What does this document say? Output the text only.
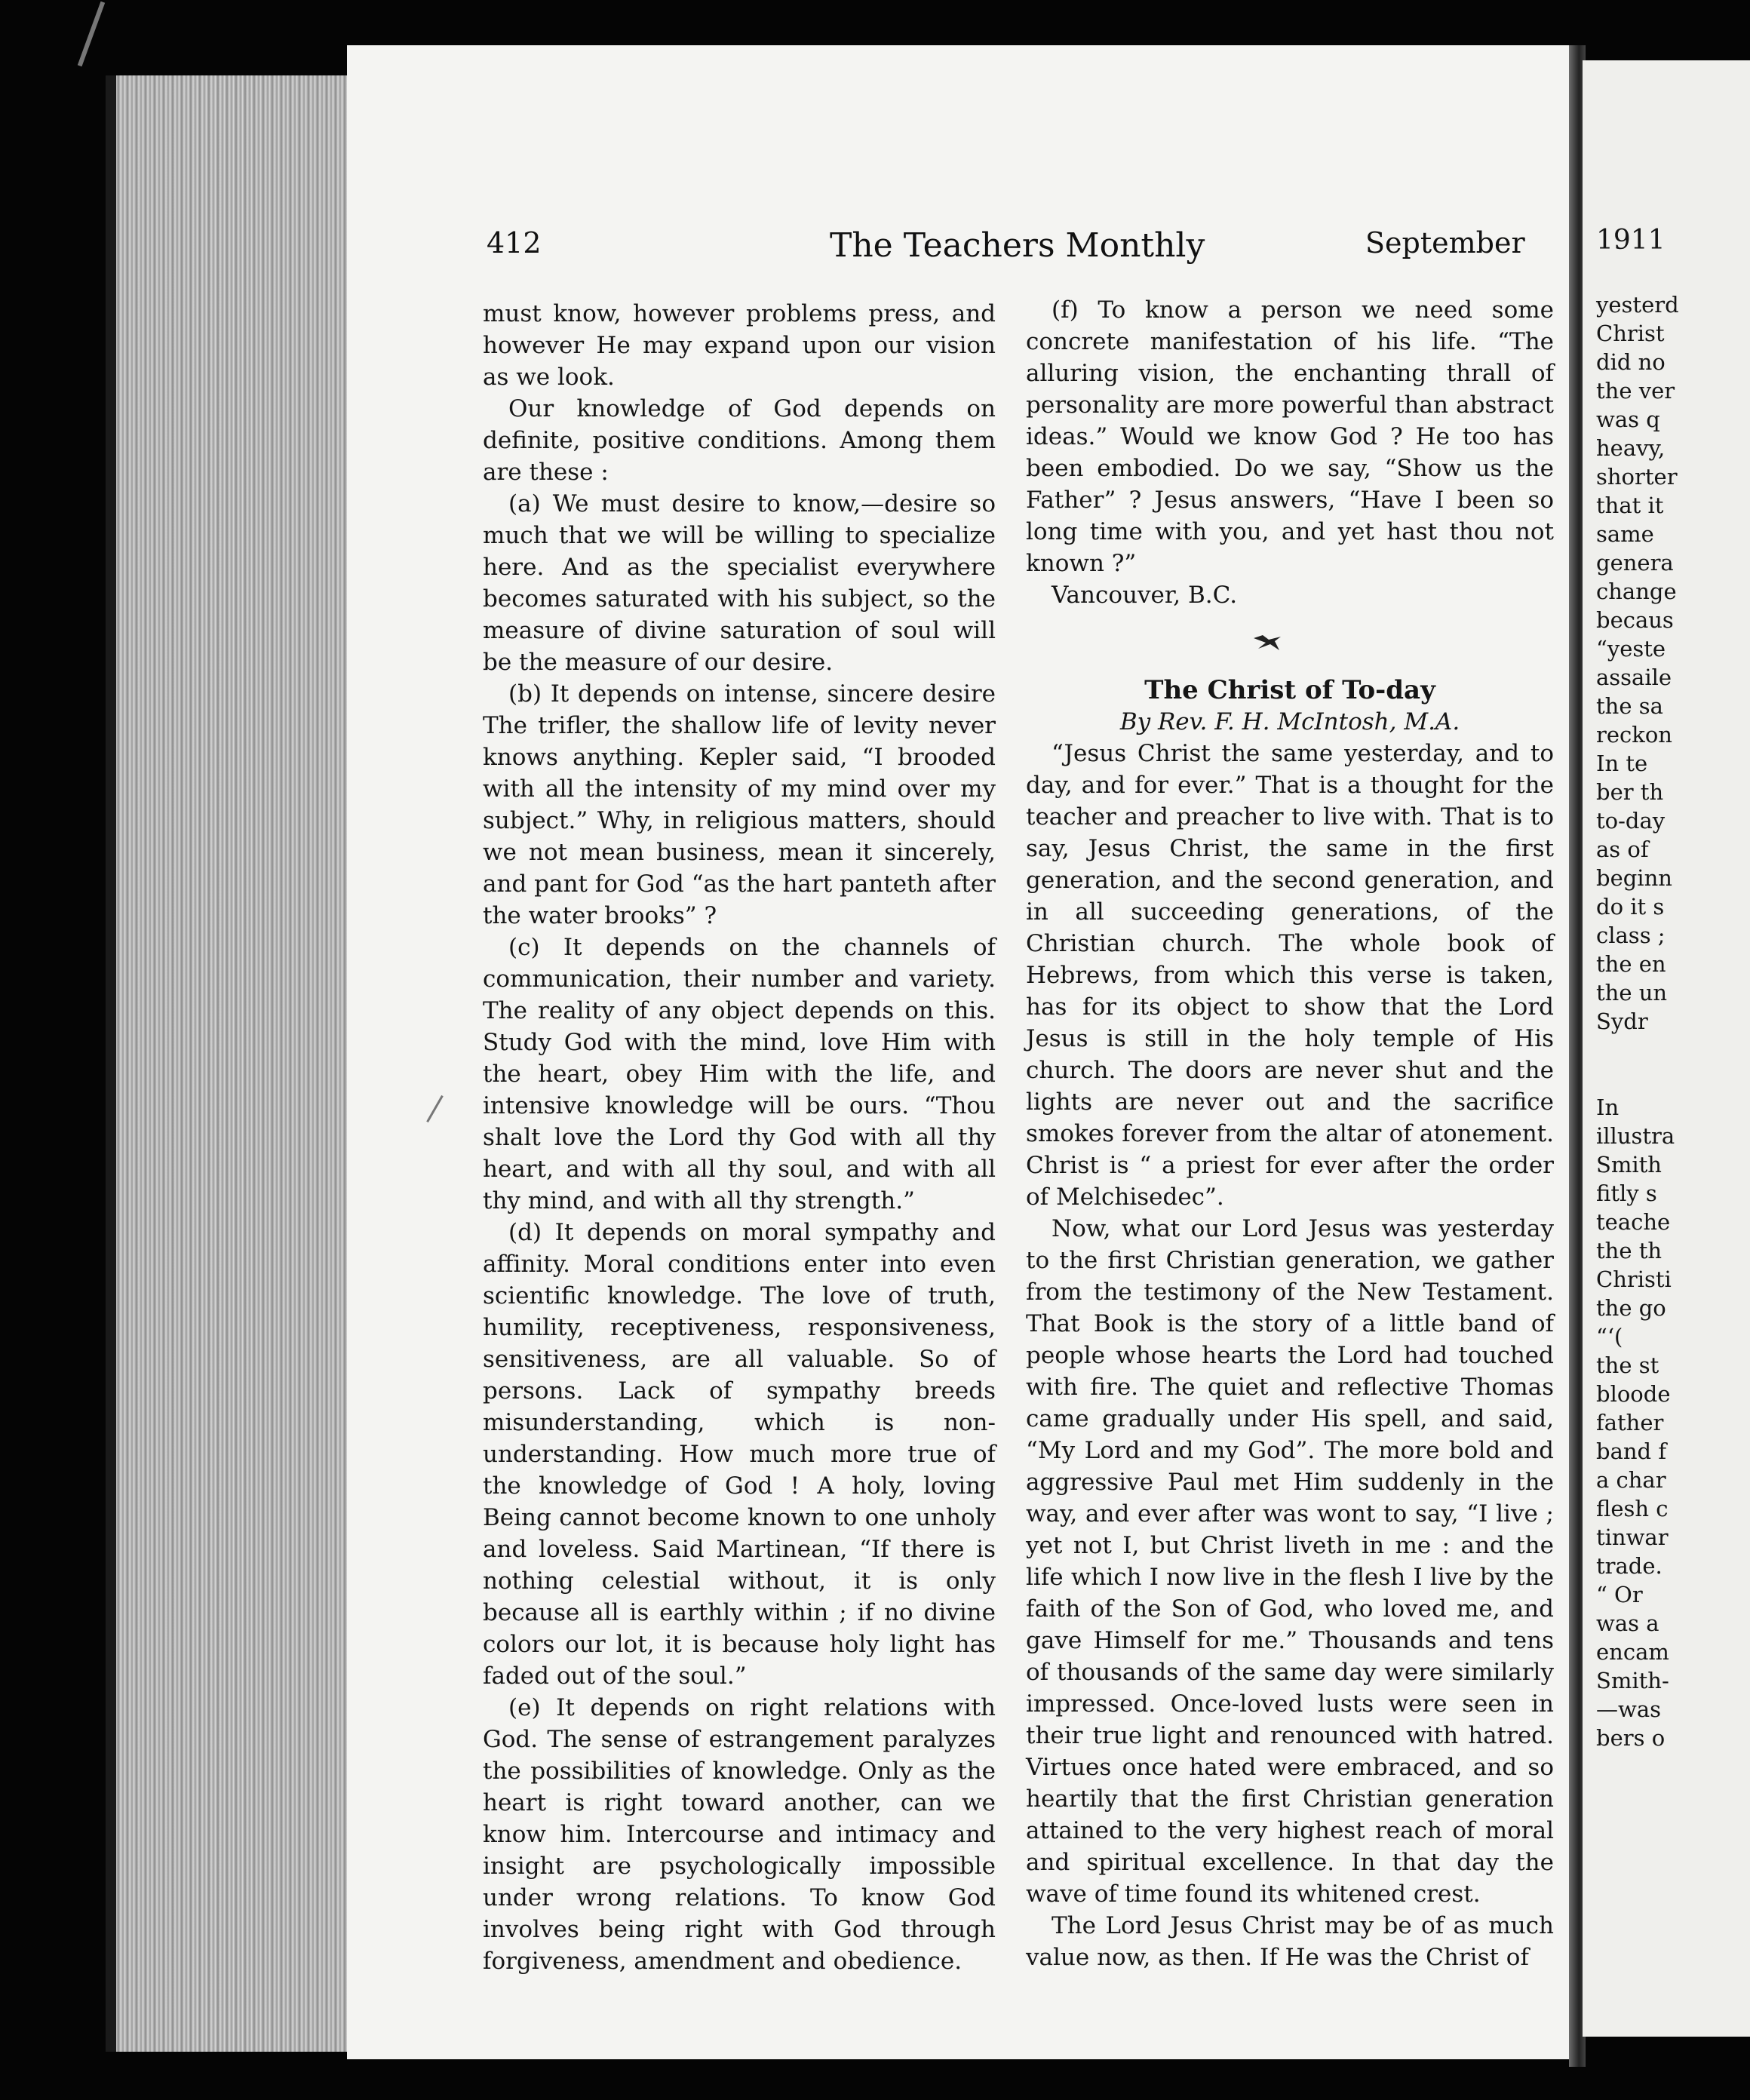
412	The Teachers Monthly	September

must know, however problems press, and however He may expand upon our vision as we look.

Our knowledge of God depends on definite, positive conditions. Among them are these :

(a) We must desire to know,—desire so much that we will be willing to specialize here. And as the specialist everywhere becomes saturated with his subject, so the measure of divine saturation of soul will be the measure of our desire.

(b) It depends on intense, sincere desire The trifler, the shallow life of levity never knows anything. Kepler said, “I brooded with all the intensity of my mind over my subject.” Why, in religious matters, should we not mean business, mean it sincerely, and pant for God “as the hart panteth after the water brooks” ?

(c) It depends on the channels of communication, their number and variety. The reality of any object depends on this. Study God with the mind, love Him with the heart, obey Him with the life, and intensive knowledge will be ours. “Thou shalt love the Lord thy God with all thy heart, and with all thy soul, and with all thy mind, and with all thy strength.”

(d) It depends on moral sympathy and affinity. Moral conditions enter into even scientific knowledge. The love of truth, humility, receptiveness, responsiveness, sensitiveness, are all valuable. So of persons. Lack of sympathy breeds misunderstanding, which is non-understanding. How much more true of the knowledge of God ! A holy, loving Being cannot become known to one unholy and loveless. Said Martinean, “If there is nothing celestial without, it is only because all is earthly within ; if no divine colors our lot, it is because holy light has faded out of the soul.”

(e) It depends on right relations with God. The sense of estrangement paralyzes the possibilities of knowledge. Only as the heart is right toward another, can we know him. Intercourse and intimacy and insight are psychologically impossible under wrong relations. To know God involves being right with God through forgiveness, amendment and obedience.

(f) To know a person we need some concrete manifestation of his life. “The alluring vision, the enchanting thrall of personality are more powerful than abstract ideas.” Would we know God ? He too has been embodied. Do we say, “Show us the Father” ? Jesus answers, “Have I been so long time with you, and yet hast thou not known ?”

Vancouver, B.C.

The Christ of To-day

By Rev. F. H. McIntosh, M.A.

“Jesus Christ the same yesterday, and to day, and for ever.” That is a thought for the teacher and preacher to live with. That is to say, Jesus Christ, the same in the first generation, and the second generation, and in all succeeding generations, of the Christian church. The whole book of Hebrews, from which this verse is taken, has for its object to show that the Lord Jesus is still in the holy temple of His church. The doors are never shut and the lights are never out and the sacrifice smokes forever from the altar of atonement. Christ is “ a priest for ever after the order of Melchisedec”.

Now, what our Lord Jesus was yesterday to the first Christian generation, we gather from the testimony of the New Testament. That Book is the story of a little band of people whose hearts the Lord had touched with fire. The quiet and reflective Thomas came gradually under His spell, and said, “My Lord and my God”. The more bold and aggressive Paul met Him suddenly in the way, and ever after was wont to say, “I live ; yet not I, but Christ liveth in me : and the life which I now live in the flesh I live by the faith of the Son of God, who loved me, and gave Himself for me.” Thousands and tens of thousands of the same day were similarly impressed. Once-loved lusts were seen in their true light and renounced with hatred. Virtues once hated were embraced, and so heartily that the first Christian generation attained to the very highest reach of moral and spiritual excellence. In that day the wave of time found its whitened crest.

The Lord Jesus Christ may be of as much value now, as then. If He was the Christ of

1911
yesterd
Christ
did no
the ver
was q
heavy,
shorter
that it
same
genera
change
becaus
“yeste
assaile
the sa
reckon
In te
ber th
to-day
as of
beginn
do it s
class ;
the en
the un
Sydr

In
illustra
Smith
fitly s
teache
the th
Christi
the go
“‘(
the st
bloode
father
band f
a char
flesh c
tinwar
trade.
“ Or
was a
encam
Smith-
—was
bers o
